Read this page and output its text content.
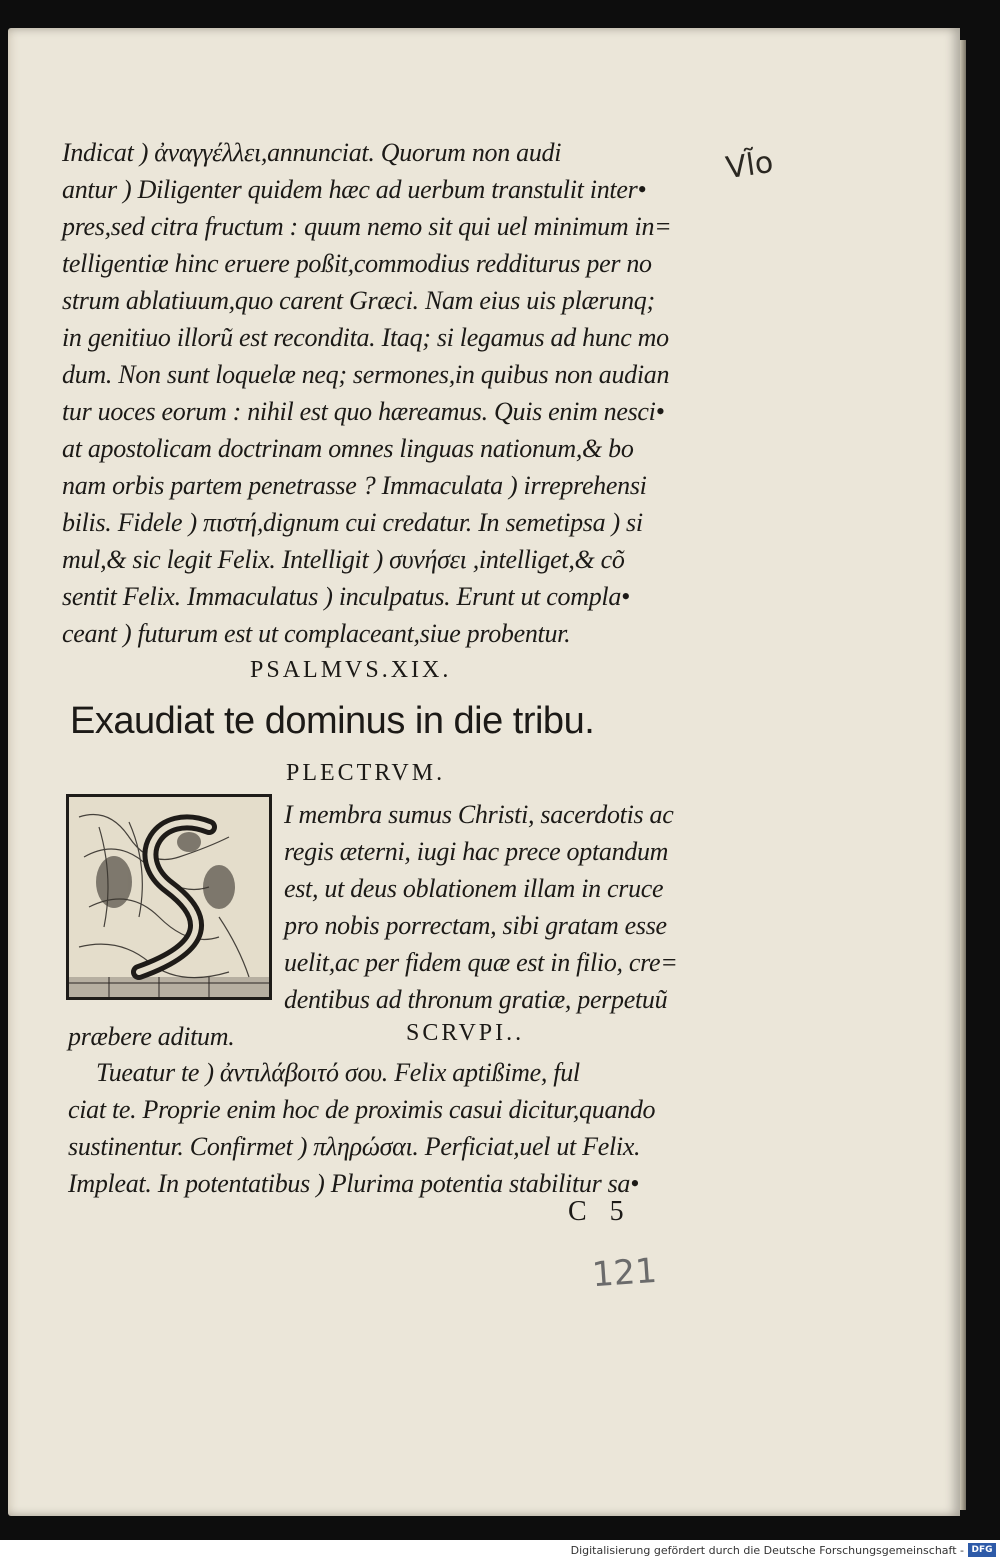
Vl̃o
Indicat ) ἀναγγέλλει,annunciat. Quorum non audi
antur ) Diligenter quidem hæc ad uerbum transtulit inter•
pres,sed citra fructum : quum nemo sit qui uel minimum in=
telligentiæ hinc eruere poßit,commodius redditurus per no
strum ablatiuum,quo carent Græci. Nam eius uis plærunq;
in genitiuo illorũ est recondita. Itaq; si legamus ad hunc mo
dum. Non sunt loquelæ neq; sermones,in quibus non audian
tur uoces eorum : nihil est quo hæreamus. Quis enim nesci•
at apostolicam doctrinam omnes linguas nationum,& bo
nam orbis partem penetrasse ? Immaculata ) irreprehensi
bilis. Fidele ) πιστή,dignum cui credatur. In semetipsa ) si
mul,& sic legit Felix. Intelligit ) συνήσει ,intelliget,& cõ
sentit Felix. Immaculatus ) inculpatus. Erunt ut compla•
ceant ) futurum est ut complaceant,siue probentur.
PSALMVS.XIX.
Exaudiat te dominus in die tribu.
PLECTRVM.
I membra sumus Christi, sacerdotis ac
regis æterni, iugi hac prece optandum
est, ut deus oblationem illam in cruce
pro nobis porrectam, sibi gratam esse
uelit,ac per fidem quæ est in filio, cre=
dentibus ad thronum gratiæ, perpetuũ
præbere aditum.	SCRVPI..
Tueatur te ) ἀντιλάβοιτό σου. Felix aptißime, ful
ciat te. Proprie enim hoc de proximis casui dicitur,quando
sustinentur. Confirmet ) πληρώσαι. Perficiat,uel ut Felix.
Impleat. In potentatibus ) Plurima potentia stabilitur sa•
C 5
121
Digitalisierung gefördert durch die Deutsche Forschungsgemeinschaft - DFG
